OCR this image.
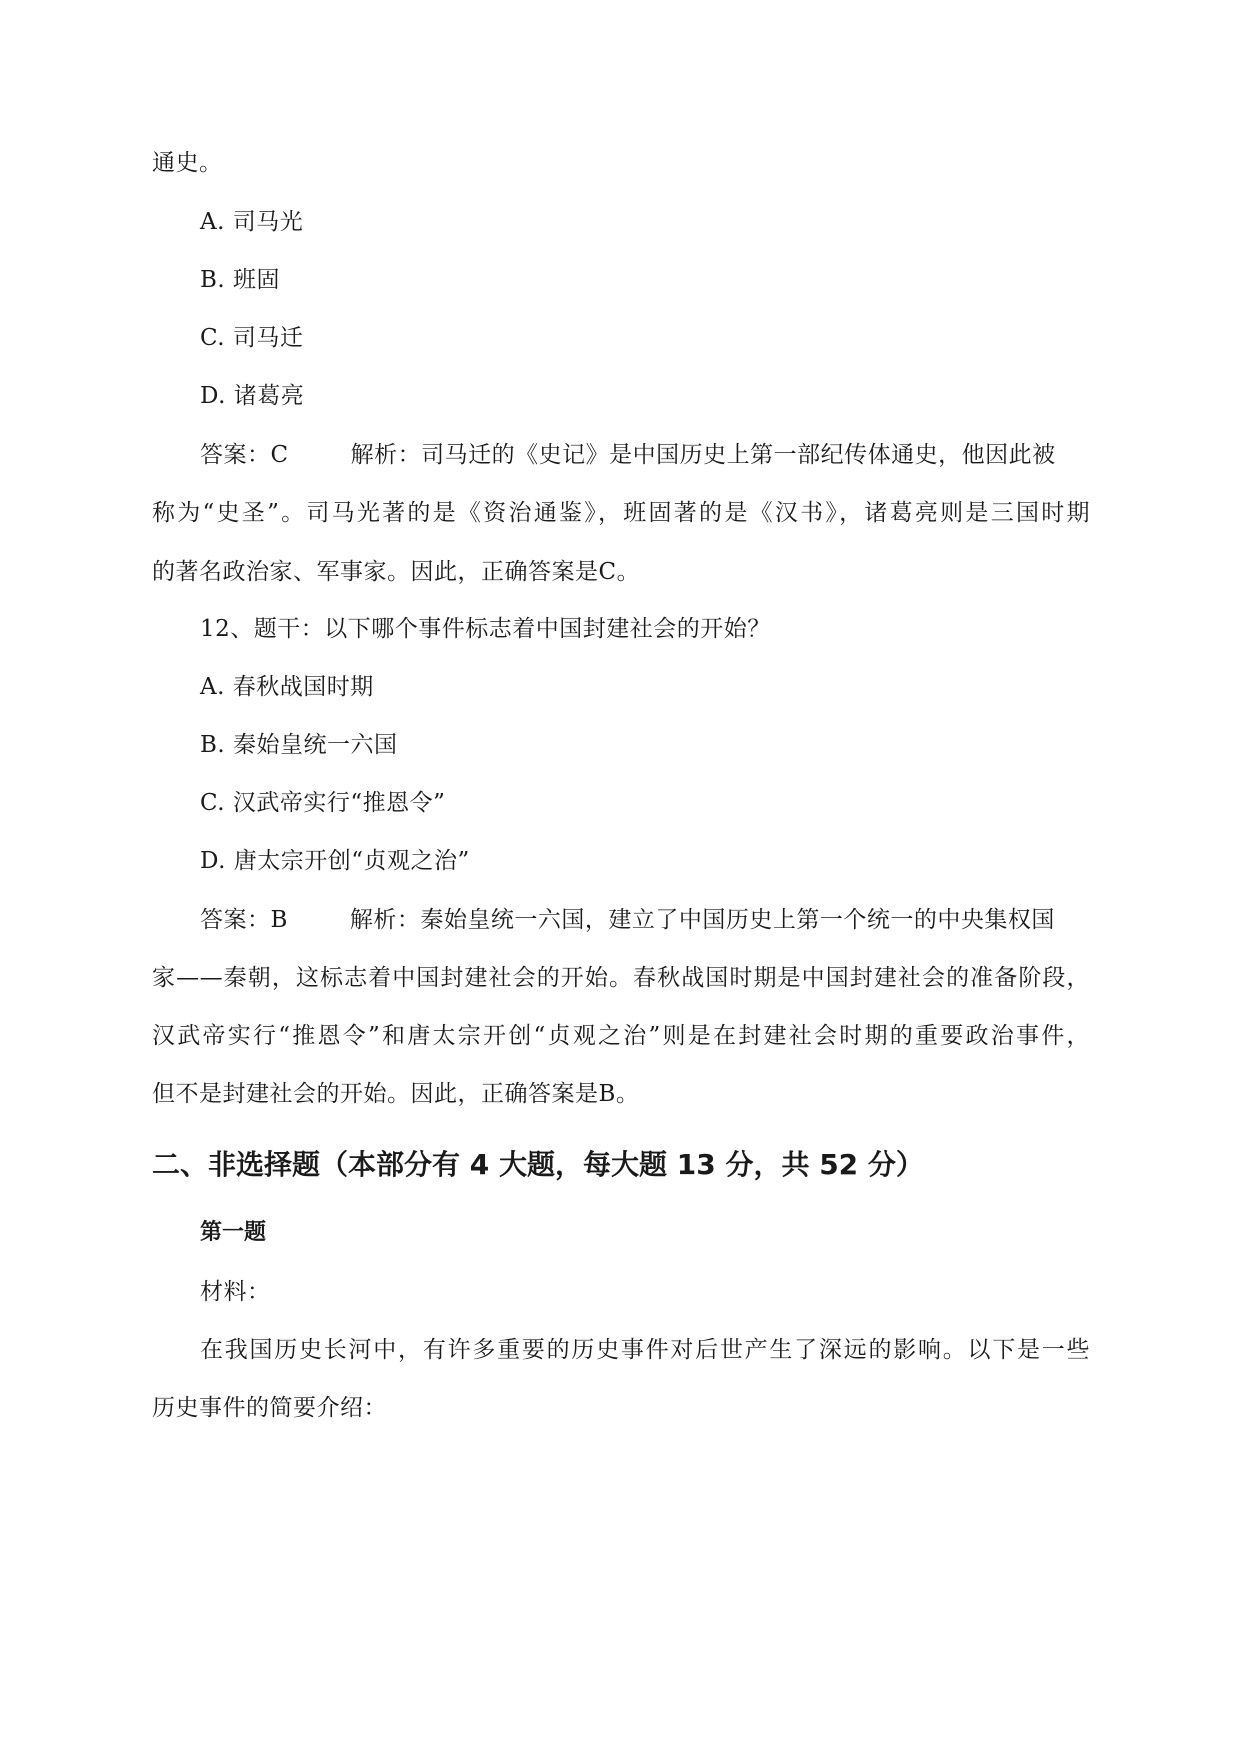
通史。
A. 司马光
B. 班固
C. 司马迁
D. 诸葛亮
答案：C	解析：司马迁的《史记》是中国历史上第一部纪传体通史，他因此被
称为“史圣”。司马光著的是《资治通鉴》，班固著的是《汉书》，诸葛亮则是三国时期
的著名政治家、军事家。因此，正确答案是C。
12、题干：以下哪个事件标志着中国封建社会的开始？
A. 春秋战国时期
B. 秦始皇统一六国
C. 汉武帝实行“推恩令”
D. 唐太宗开创“贞观之治”
答案：B	解析：秦始皇统一六国，建立了中国历史上第一个统一的中央集权国
家——秦朝，这标志着中国封建社会的开始。春秋战国时期是中国封建社会的准备阶段，
汉武帝实行“推恩令”和唐太宗开创“贞观之治”则是在封建社会时期的重要政治事件，
但不是封建社会的开始。因此，正确答案是B。
二、非选择题（本部分有 4 大题，每大题 13 分，共 52 分）
第一题
材料：
在我国历史长河中，有许多重要的历史事件对后世产生了深远的影响。以下是一些
历史事件的简要介绍：
